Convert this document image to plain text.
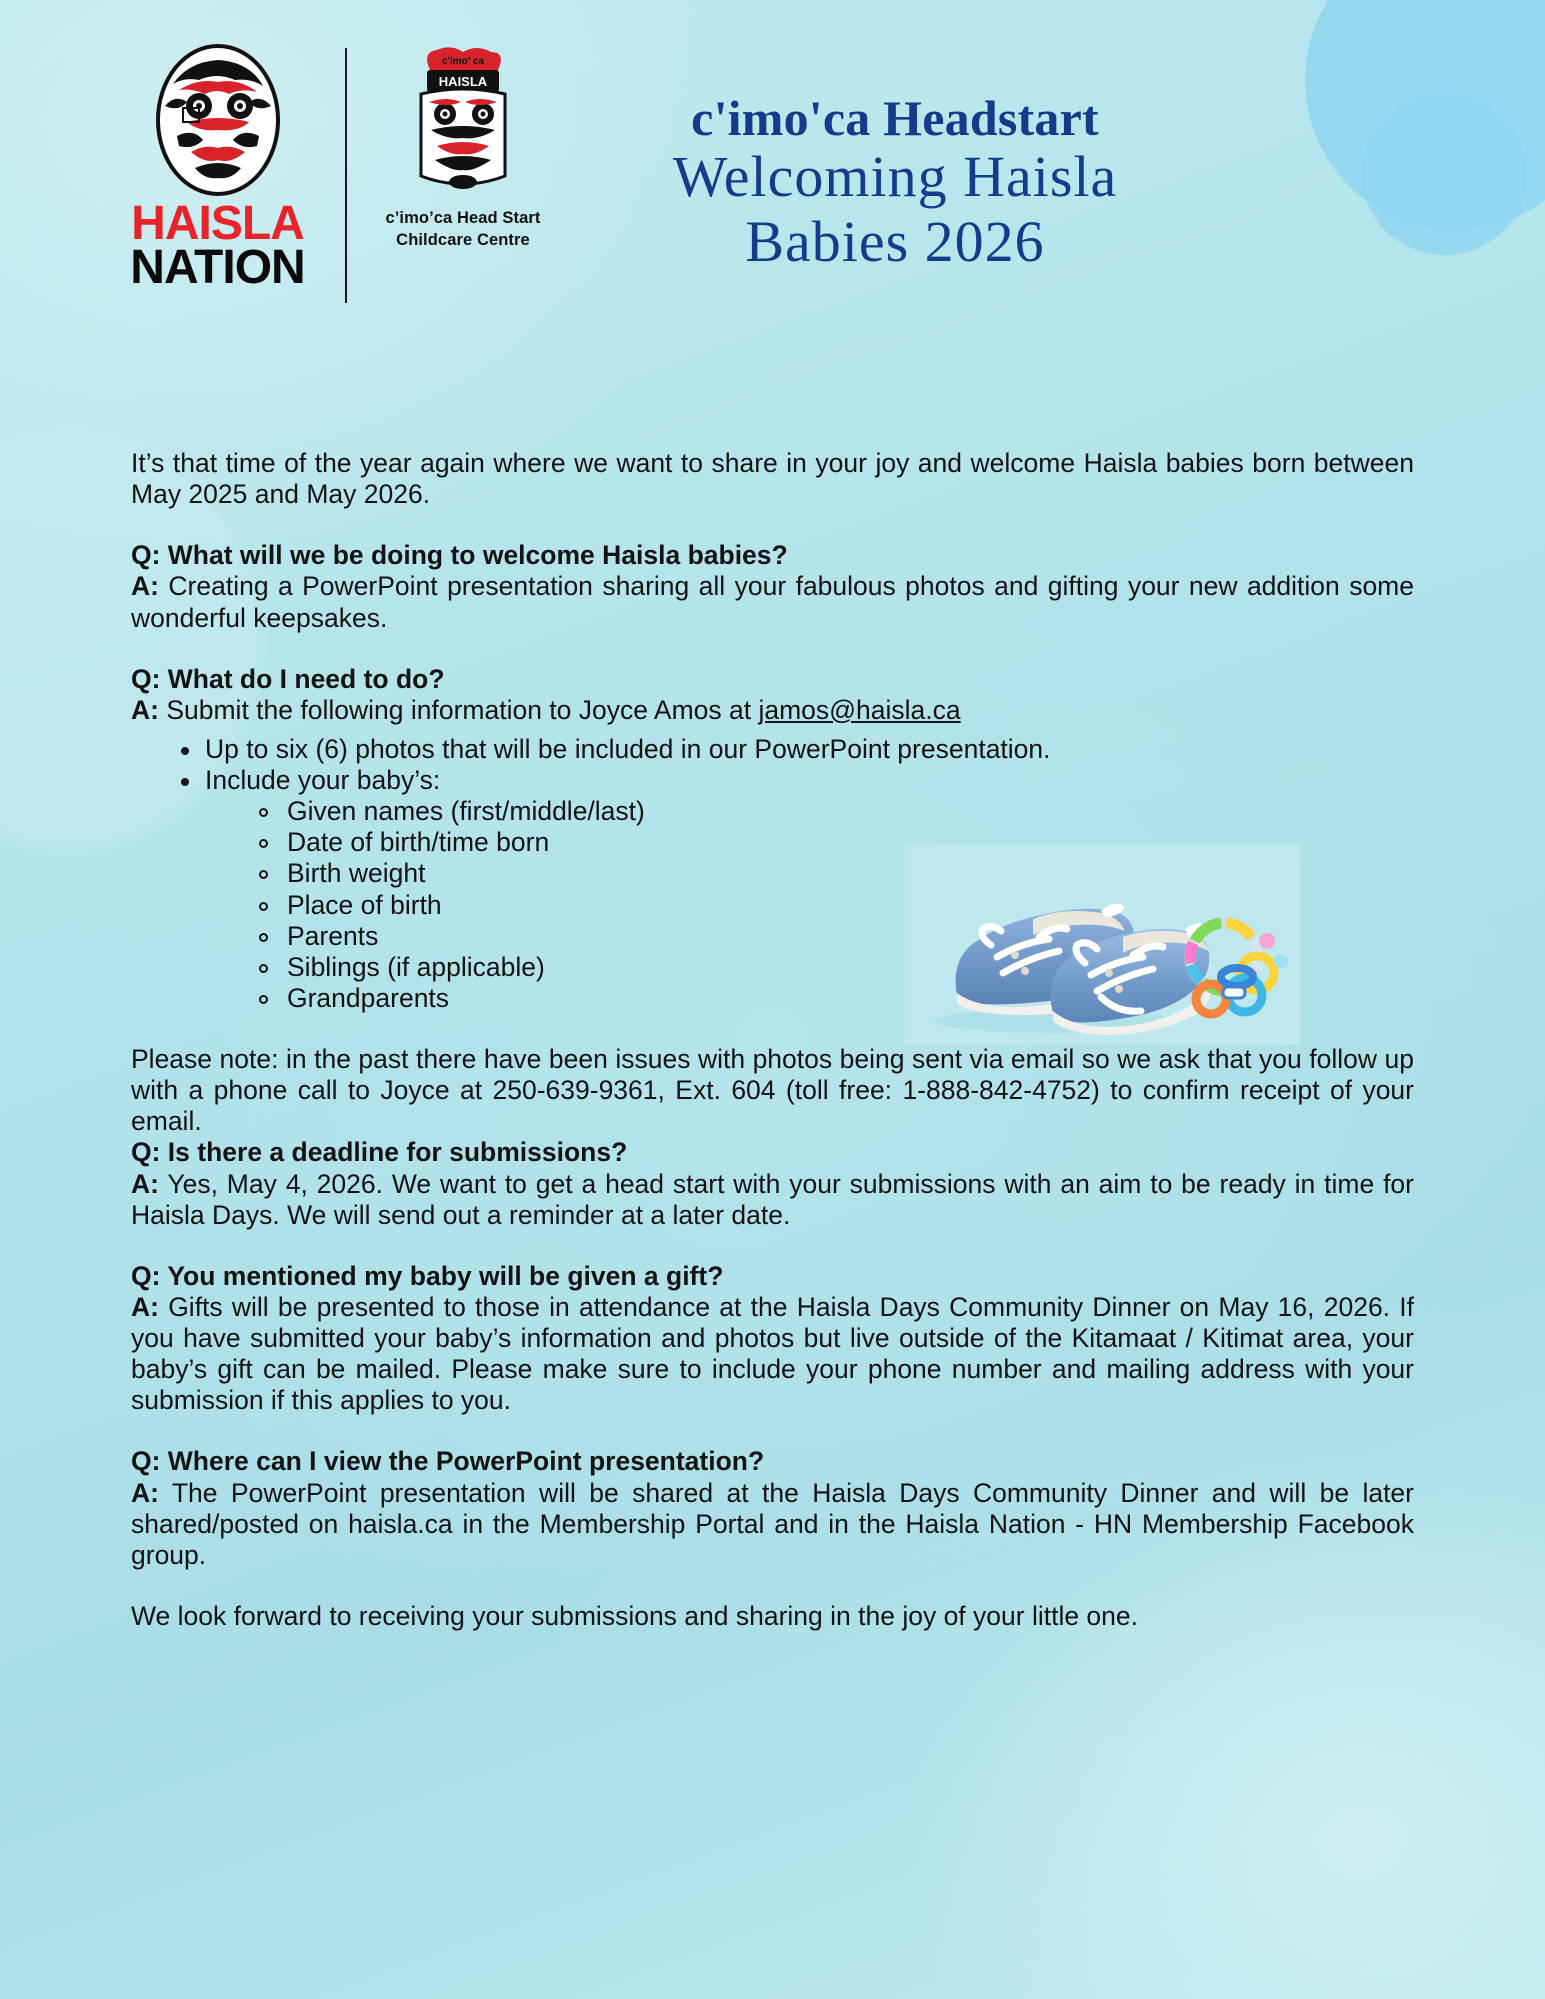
HAISLA
NATION
c'imo' ca
HAISLA
c’imo’ca Head Start
Childcare Centre
c'imo'ca Headstart
Welcoming Haisla
Babies 2026

It’s that time of the year again where we want to share in your joy and welcome Haisla babies born between May 2025 and May 2026.

Q: What will we be doing to welcome Haisla babies?

A: Creating a PowerPoint presentation sharing all your fabulous photos and gifting your new addition some wonderful keepsakes.

Q: What do I need to do?

A: Submit the following information to Joyce Amos at jamos@haisla.ca

Up to six (6) photos that will be included in our PowerPoint presentation.
Include your baby’s:
Given names (first/middle/last)
Date of birth/time born
Birth weight
Place of birth
Parents
Siblings (if applicable)
Grandparents

Please note: in the past there have been issues with photos being sent via email so we ask that you follow up with a phone call to Joyce at 250-639-9361, Ext. 604 (toll free: 1-888-842-4752) to confirm receipt of your email.

Q: Is there a deadline for submissions?

A: Yes, May 4, 2026. We want to get a head start with your submissions with an aim to be ready in time for Haisla Days. We will send out a reminder at a later date.

Q: You mentioned my baby will be given a gift?

A: Gifts will be presented to those in attendance at the Haisla Days Community Dinner on May 16, 2026. If you have submitted your baby’s information and photos but live outside of the Kitamaat / Kitimat area, your baby’s gift can be mailed. Please make sure to include your phone number and mailing address with your submission if this applies to you.

Q: Where can I view the PowerPoint presentation?

A: The PowerPoint presentation will be shared at the Haisla Days Community Dinner and will be later shared/posted on haisla.ca in the Membership Portal and in the Haisla Nation - HN Membership Facebook group.

We look forward to receiving your submissions and sharing in the joy of your little one.
